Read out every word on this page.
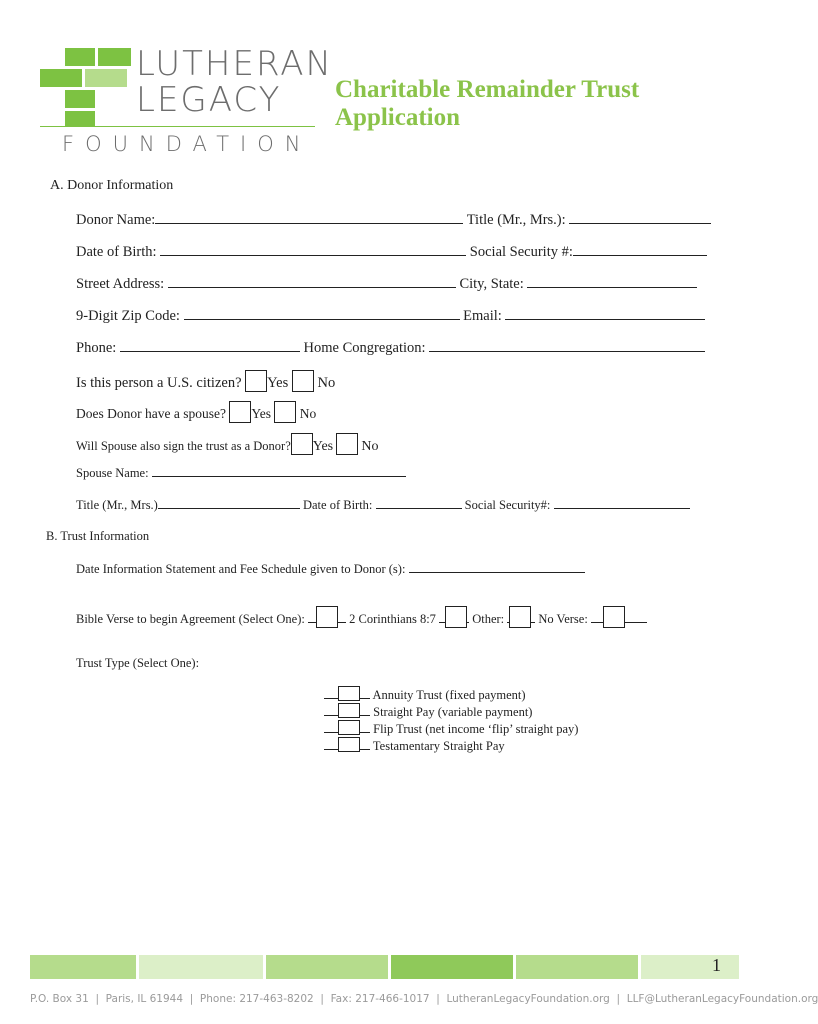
LUTHERAN
LEGACY
FOUNDATION
Charitable Remainder Trust
Application
A. Donor Information
Donor Name:	Title (Mr., Mrs.):
Date of Birth:	Social Security #:
Street Address:	City, State:
9-Digit Zip Code:	Email:
Phone:	Home Congregation:
Is this person a U.S. citizen? Yes No
Does Donor have a spouse? Yes No
Will Spouse also sign the trust as a Donor? Yes No
Spouse Name:
Title (Mr., Mrs.)	Date of Birth:	Social Security#:
B. Trust Information
Date Information Statement and Fee Schedule given to Donor (s):
Bible Verse to begin Agreement (Select One):	2 Corinthians 8:7	Other:	No Verse:
Trust Type (Select One):
Annuity Trust (fixed payment)
Straight Pay (variable payment)
Flip Trust (net income ‘flip’ straight pay)
Testamentary Straight Pay
1
P.O. Box 31  |  Paris, IL 61944  |  Phone: 217-463-8202  |  Fax: 217-466-1017  |  LutheranLegacyFoundation.org  |  LLF@LutheranLegacyFoundation.org
